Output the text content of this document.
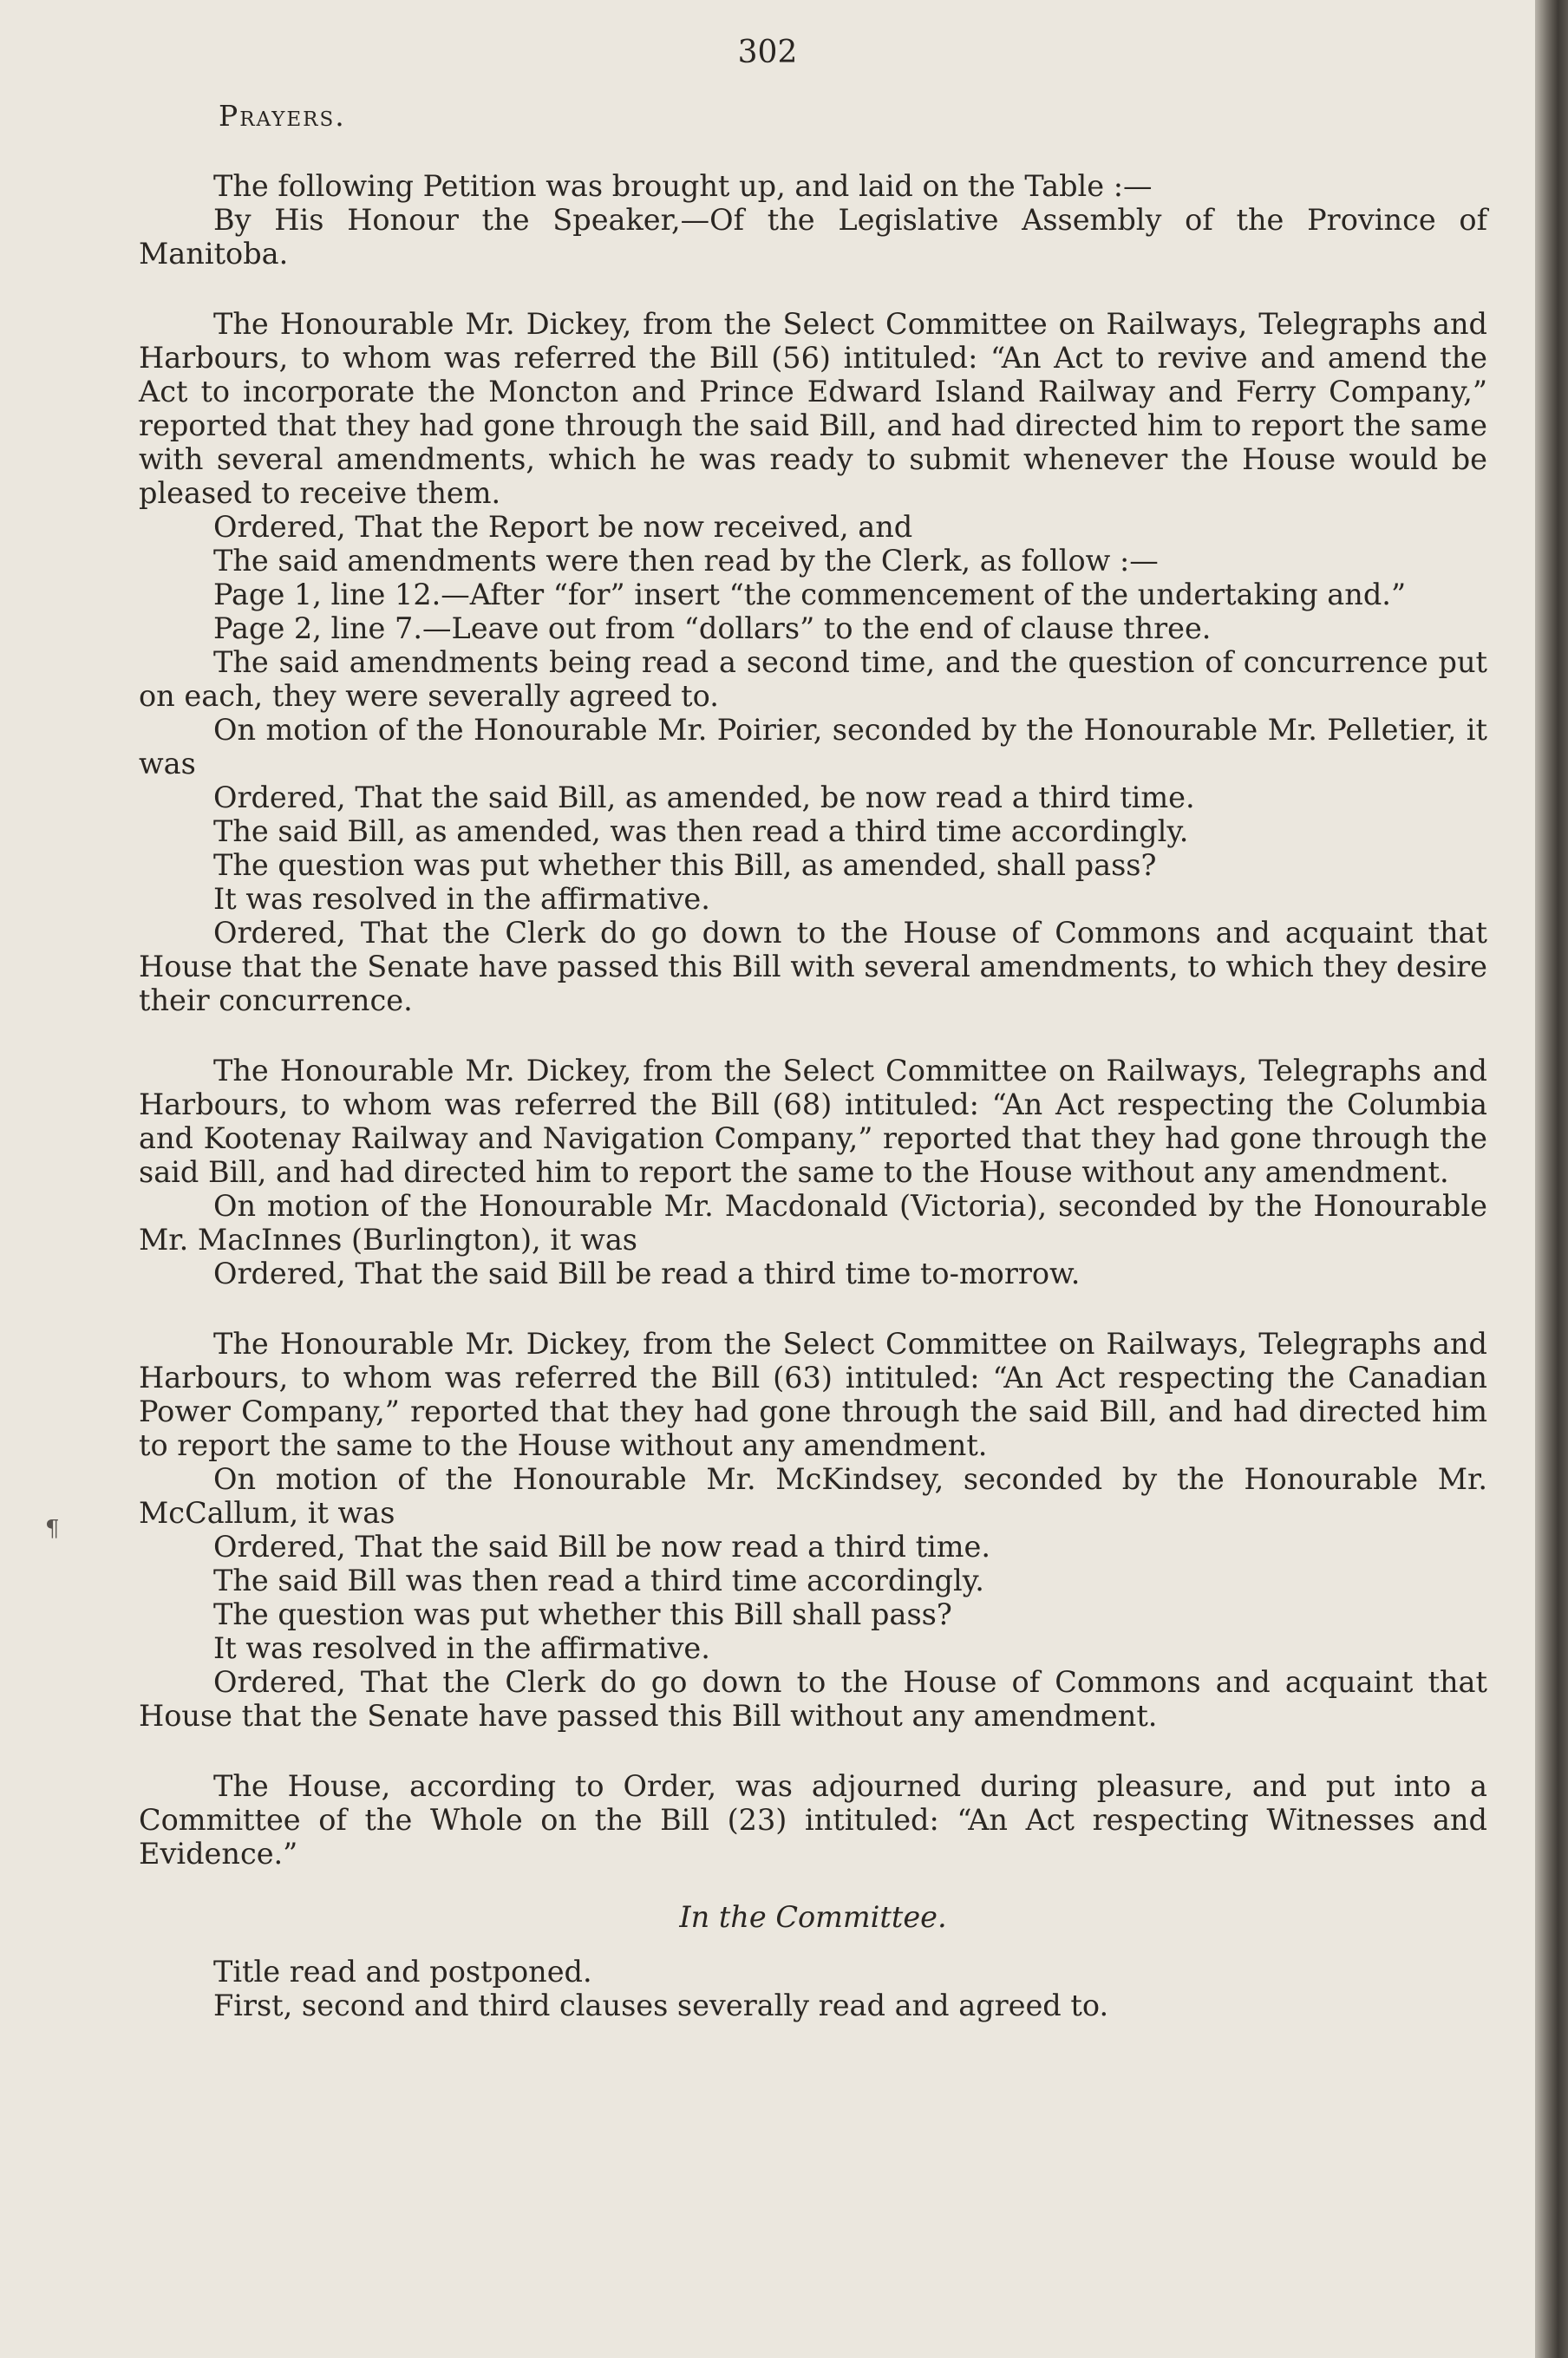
302
Prayers.

The following Petition was brought up, and laid on the Table :—

By His Honour the Speaker,—Of the Legislative Assembly of the Province of Manitoba.

The Honourable Mr. Dickey, from the Select Committee on Railways, Telegraphs and Harbours, to whom was referred the Bill (56) intituled: “An Act to revive and amend the Act to incorporate the Moncton and Prince Edward Island Railway and Ferry Company,” reported that they had gone through the said Bill, and had directed him to report the same with several amendments, which he was ready to submit whenever the House would be pleased to receive them.

Ordered, That the Report be now received, and

The said amendments were then read by the Clerk, as follow :—

Page 1, line 12.—After “for” insert “the commencement of the undertaking and.”

Page 2, line 7.—Leave out from “dollars” to the end of clause three.

The said amendments being read a second time, and the question of concurrence put on each, they were severally agreed to.

On motion of the Honourable Mr. Poirier, seconded by the Honourable Mr. Pelletier, it was

Ordered, That the said Bill, as amended, be now read a third time.

The said Bill, as amended, was then read a third time accordingly.

The question was put whether this Bill, as amended, shall pass?

It was resolved in the affirmative.

Ordered, That the Clerk do go down to the House of Commons and acquaint that House that the Senate have passed this Bill with several amendments, to which they desire their concurrence.

The Honourable Mr. Dickey, from the Select Committee on Railways, Telegraphs and Harbours, to whom was referred the Bill (68) intituled: “An Act respecting the Columbia and Kootenay Railway and Navigation Company,” reported that they had gone through the said Bill, and had directed him to report the same to the House without any amendment.

On motion of the Honourable Mr. Macdonald (Victoria), seconded by the Honourable Mr. MacInnes (Burlington), it was

Ordered, That the said Bill be read a third time to-morrow.

The Honourable Mr. Dickey, from the Select Committee on Railways, Telegraphs and Harbours, to whom was referred the Bill (63) intituled: “An Act respecting the Canadian Power Company,” reported that they had gone through the said Bill, and had directed him to report the same to the House without any amendment.

On motion of the Honourable Mr. McKindsey, seconded by the Honourable Mr. McCallum, it was

Ordered, That the said Bill be now read a third time.

The said Bill was then read a third time accordingly.

The question was put whether this Bill shall pass?

It was resolved in the affirmative.

Ordered, That the Clerk do go down to the House of Commons and acquaint that House that the Senate have passed this Bill without any amendment.

The House, according to Order, was adjourned during pleasure, and put into a Committee of the Whole on the Bill (23) intituled: “An Act respecting Witnesses and Evidence.”

In the Committee.

Title read and postponed.

First, second and third clauses severally read and agreed to.

¶
